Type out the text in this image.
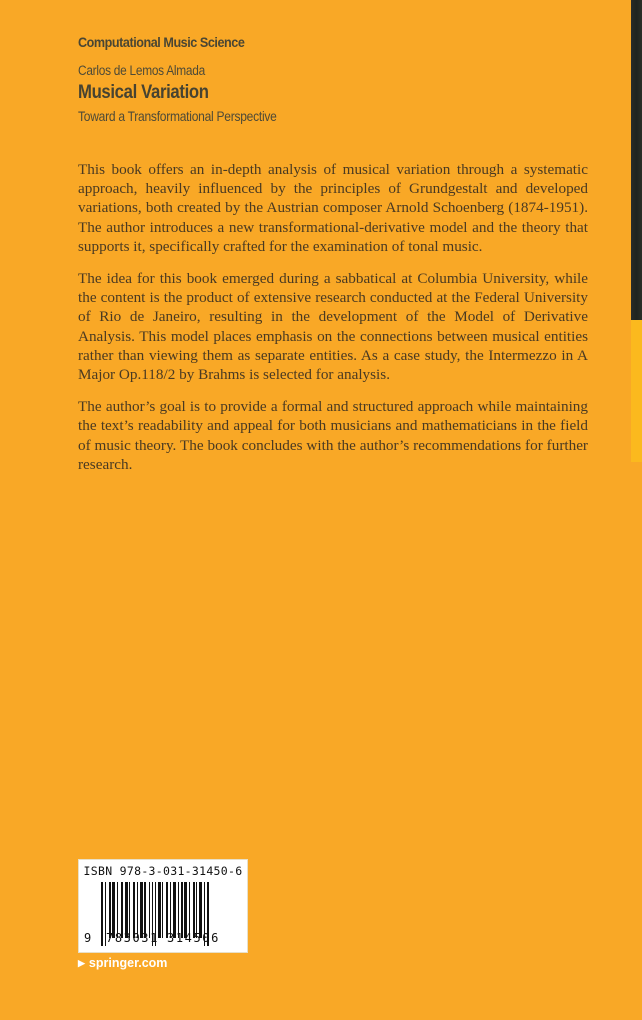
Computational Music Science
Carlos de Lemos Almada
Musical Variation
Toward a Transformational Perspective

This book offers an in-depth analysis of musical variation through a systematic approach, heavily influenced by the principles of Grundgestalt and developed variations, both created by the Austrian composer Arnold Schoenberg (1874-1951). The author introduces a new transformational-derivative model and the theory that supports it, specifically crafted for the examination of tonal music.

The idea for this book emerged during a sabbatical at Columbia University, while the content is the product of extensive research conducted at the Federal University of Rio de Janeiro, resulting in the development of the Model of Derivative Analysis. This model places emphasis on the connections between musical entities rather than viewing them as separate entities. As a case study, the Intermezzo in A Major Op.118/2 by Brahms is selected for analysis.

The author’s goal is to provide a formal and structured approach while maintaining the text’s readability and appeal for both musicians and mathematicians in the field of music theory. The book concludes with the author’s recommendations for further research.

ISBN 978-3-031-31450-6
9 783031 314506
▶ springer.com
